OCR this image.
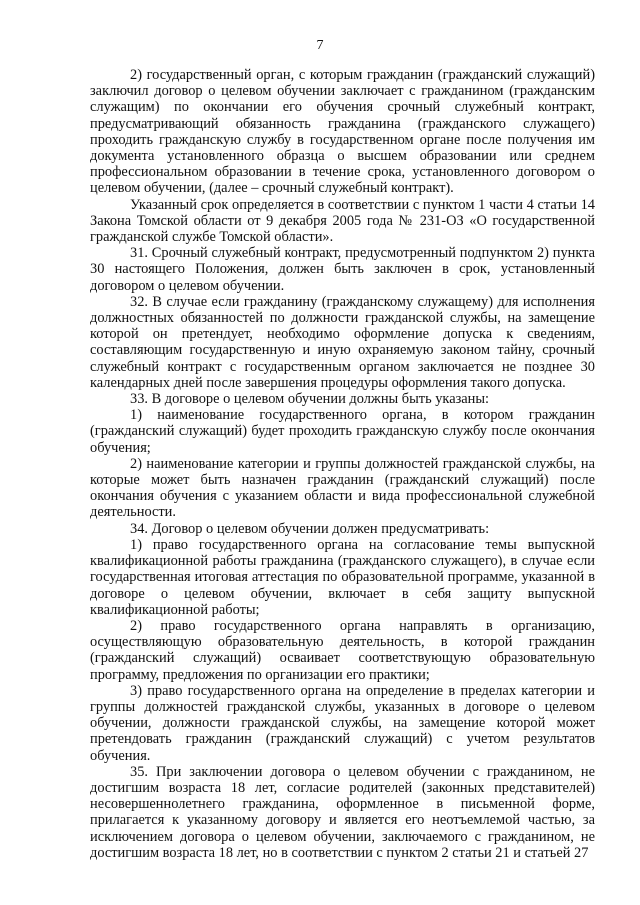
7

2) государственный орган, с которым гражданин (гражданский служащий) заключил договор о целевом обучении заключает с гражданином (гражданским служащим) по окончании его обучения срочный служебный контракт, предусматривающий обязанность гражданина (гражданского служащего) проходить гражданскую службу в государственном органе после получения им документа установленного образца о высшем образовании или среднем профессиональном образовании в течение срока, установленного договором о целевом обучении, (далее – срочный служебный контракт).

Указанный срок определяется в соответствии с пунктом 1 части 4 статьи 14 Закона Томской области от 9 декабря 2005 года № 231-ОЗ «О государственной гражданской службе Томской области».

31. Срочный служебный контракт, предусмотренный подпунктом 2) пункта 30 настоящего Положения, должен быть заключен в срок, установленный договором о целевом обучении.

32. В случае если гражданину (гражданскому служащему) для исполнения должностных обязанностей по должности гражданской службы, на замещение которой он претендует, необходимо оформление допуска к сведениям, составляющим государственную и иную охраняемую законом тайну, срочный служебный контракт с государственным органом заключается не позднее 30 календарных дней после завершения процедуры оформления такого допуска.

33. В договоре о целевом обучении должны быть указаны:

1) наименование государственного органа, в котором гражданин (гражданский служащий) будет проходить гражданскую службу после окончания обучения;

2) наименование категории и группы должностей гражданской службы, на которые может быть назначен гражданин (гражданский служащий) после окончания обучения с указанием области и вида профессиональной служебной деятельности.

34. Договор о целевом обучении должен предусматривать:

1) право государственного органа на согласование темы выпускной квалификационной работы гражданина (гражданского служащего), в случае если государственная итоговая аттестация по образовательной программе, указанной в договоре о целевом обучении, включает в себя защиту выпускной квалификационной работы;

2) право государственного органа направлять в организацию, осуществляющую образовательную деятельность, в которой гражданин (гражданский служащий) осваивает соответствующую образовательную программу, предложения по организации его практики;

3) право государственного органа на определение в пределах категории и группы должностей гражданской службы, указанных в договоре о целевом обучении, должности гражданской службы, на замещение которой может претендовать гражданин (гражданский служащий) с учетом результатов обучения.

35. При заключении договора о целевом обучении с гражданином, не достигшим возраста 18 лет, согласие родителей (законных представителей) несовершеннолетнего гражданина, оформленное в письменной форме, прилагается к указанному договору и является его неотъемлемой частью, за исключением договора о целевом обучении, заключаемого с гражданином, не достигшим возраста 18 лет, но в соответствии с пунктом 2 статьи 21 и статьей 27
